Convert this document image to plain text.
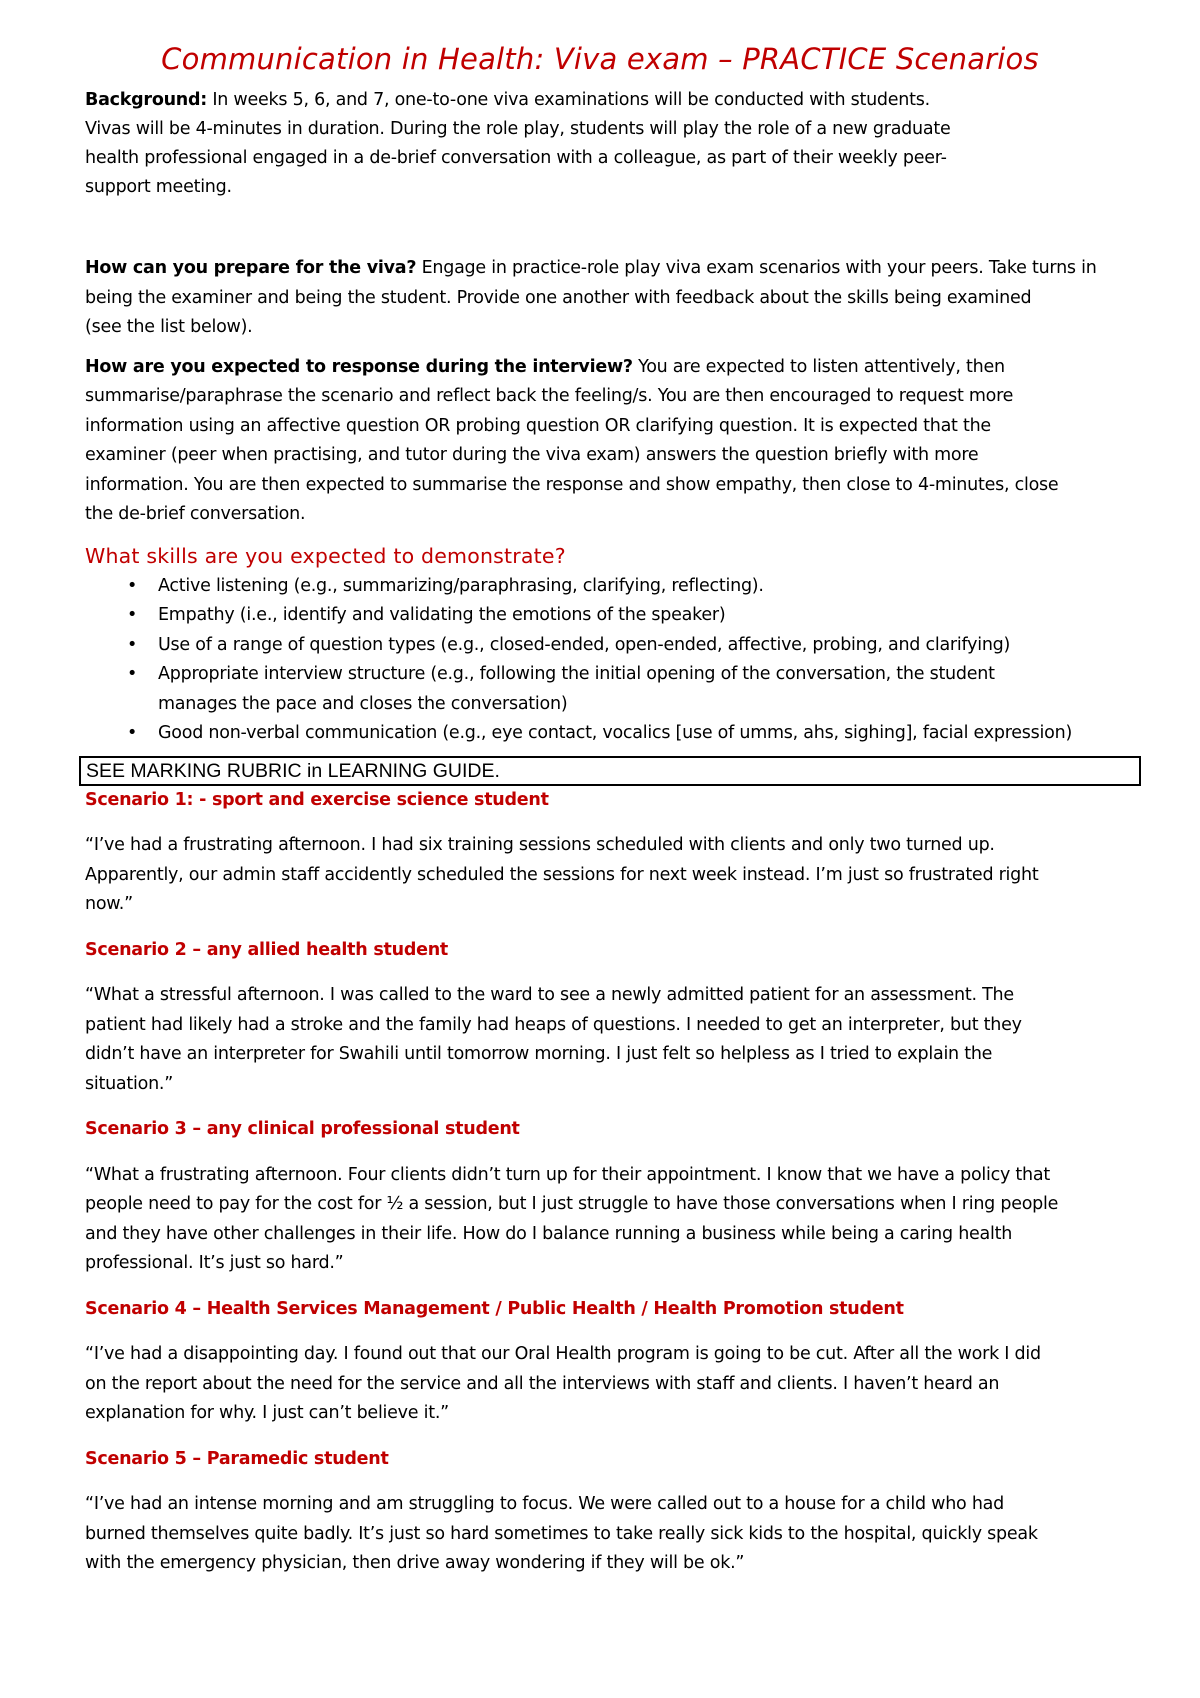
Communication in Health: Viva exam – PRACTICE Scenarios

Background: In weeks 5, 6, and 7, one-to-one viva examinations will be conducted with students.

Vivas will be 4-minutes in duration. During the role play, students will play the role of a new graduate

health professional engaged in a de-brief conversation with a colleague, as part of their weekly peer-

support meeting.

How can you prepare for the viva? Engage in practice-role play viva exam scenarios with your peers. Take turns in

being the examiner and being the student. Provide one another with feedback about the skills being examined

(see the list below).

How are you expected to response during the interview? You are expected to listen attentively, then

summarise/paraphrase the scenario and reflect back the feeling/s. You are then encouraged to request more

information using an affective question OR probing question OR clarifying question. It is expected that the

examiner (peer when practising, and tutor during the viva exam) answers the question briefly with more

information. You are then expected to summarise the response and show empathy, then close to 4-minutes, close

the de-brief conversation.

What skills are you expected to demonstrate?

• Active listening (e.g., summarizing/paraphrasing, clarifying, reflecting).
• Empathy (i.e., identify and validating the emotions of the speaker)
• Use of a range of question types (e.g., closed-ended, open-ended, affective, probing, and clarifying)
• Appropriate interview structure (e.g., following the initial opening of the conversation, the student
manages the pace and closes the conversation)
• Good non-verbal communication (e.g., eye contact, vocalics [use of umms, ahs, sighing], facial expression)
SEE MARKING RUBRIC in LEARNING GUIDE.

Scenario 1: - sport and exercise science student

“I’ve had a frustrating afternoon. I had six training sessions scheduled with clients and only two turned up.

Apparently, our admin staff accidently scheduled the sessions for next week instead. I’m just so frustrated right

now.”

Scenario 2 – any allied health student

“What a stressful afternoon. I was called to the ward to see a newly admitted patient for an assessment. The

patient had likely had a stroke and the family had heaps of questions. I needed to get an interpreter, but they

didn’t have an interpreter for Swahili until tomorrow morning. I just felt so helpless as I tried to explain the

situation.”

Scenario 3 – any clinical professional student

“What a frustrating afternoon. Four clients didn’t turn up for their appointment. I know that we have a policy that

people need to pay for the cost for ½ a session, but I just struggle to have those conversations when I ring people

and they have other challenges in their life. How do I balance running a business while being a caring health

professional. It’s just so hard.”

Scenario 4 – Health Services Management / Public Health / Health Promotion student

“I’ve had a disappointing day. I found out that our Oral Health program is going to be cut. After all the work I did

on the report about the need for the service and all the interviews with staff and clients. I haven’t heard an

explanation for why. I just can’t believe it.”

Scenario 5 – Paramedic student

“I’ve had an intense morning and am struggling to focus. We were called out to a house for a child who had

burned themselves quite badly. It’s just so hard sometimes to take really sick kids to the hospital, quickly speak

with the emergency physician, then drive away wondering if they will be ok.”
